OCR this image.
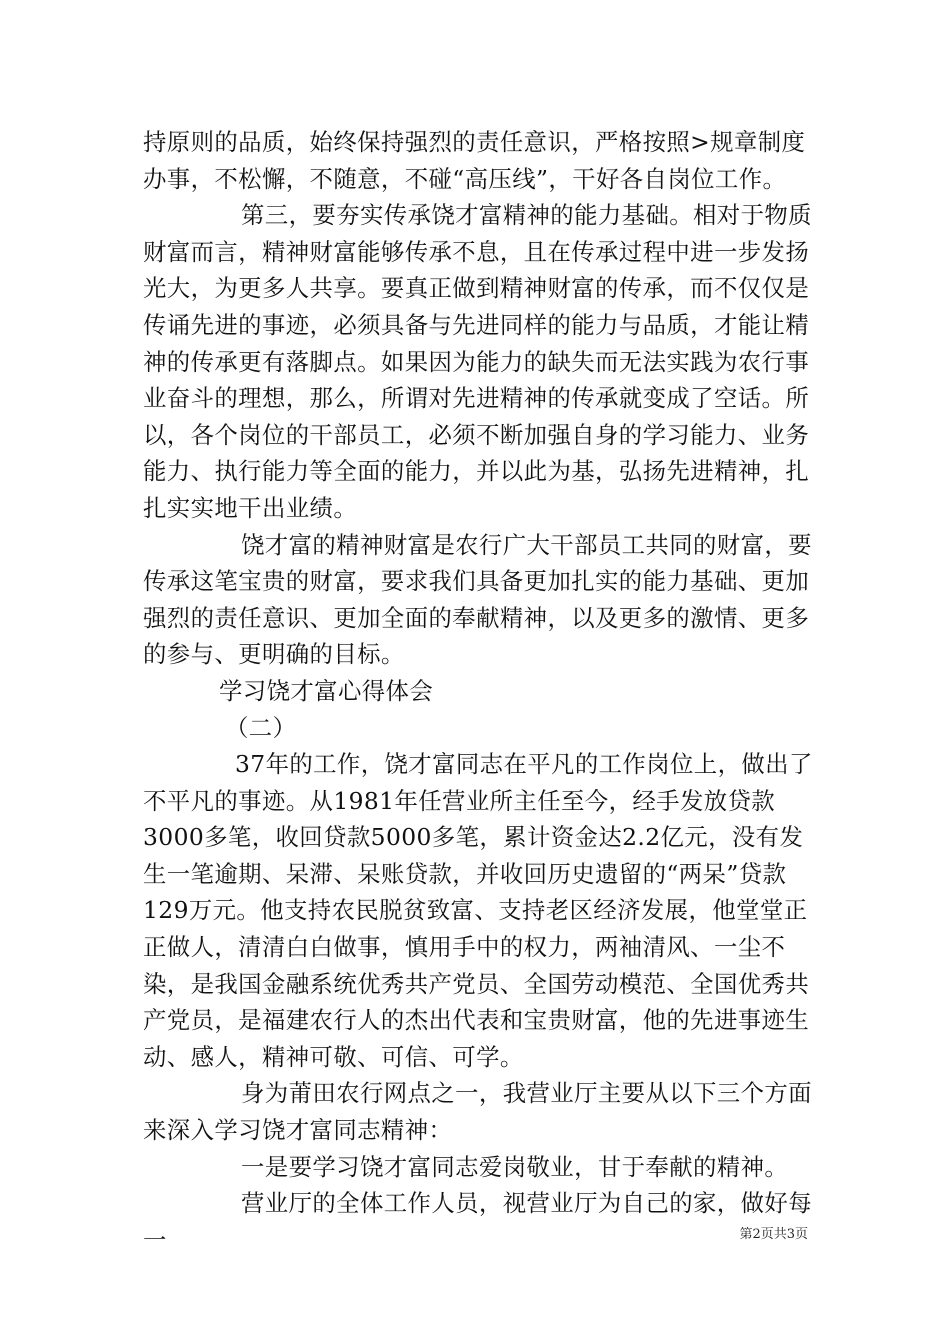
持原则的品质，始终保持强烈的责任意识，严格按照>规章制度办事，不松懈，不随意，不碰“高压线”，干好各自岗位工作。

第三，要夯实传承饶才富精神的能力基础。相对于物质财富而言，精神财富能够传承不息，且在传承过程中进一步发扬光大，为更多人共享。要真正做到精神财富的传承，而不仅仅是传诵先进的事迹，必须具备与先进同样的能力与品质，才能让精神的传承更有落脚点。如果因为能力的缺失而无法实践为农行事业奋斗的理想，那么，所谓对先进精神的传承就变成了空话。所以，各个岗位的干部员工，必须不断加强自身的学习能力、业务能力、执行能力等全面的能力，并以此为基，弘扬先进精神，扎扎实实地干出业绩。

饶才富的精神财富是农行广大干部员工共同的财富，要传承这笔宝贵的财富，要求我们具备更加扎实的能力基础、更加强烈的责任意识、更加全面的奉献精神，以及更多的激情、更多的参与、更明确的目标。

学习饶才富心得体会

（二）

37年的工作，饶才富同志在平凡的工作岗位上，做出了不平凡的事迹。从1981年任营业所主任至今，经手发放贷款3000多笔，收回贷款5000多笔，累计资金达2.2亿元，没有发生一笔逾期、呆滞、呆账贷款，并收回历史遗留的“两呆”贷款129万元。他支持农民脱贫致富、支持老区经济发展，他堂堂正正做人，清清白白做事，慎用手中的权力，两袖清风、一尘不染，是我国金融系统优秀共产党员、全国劳动模范、全国优秀共产党员，是福建农行人的杰出代表和宝贵财富，他的先进事迹生动、感人，精神可敬、可信、可学。

身为莆田农行网点之一，我营业厅主要从以下三个方面来深入学习饶才富同志精神：

一是要学习饶才富同志爱岗敬业，甘于奉献的精神。

营业厅的全体工作人员，视营业厅为自己的家，做好每一	第2页共3页
